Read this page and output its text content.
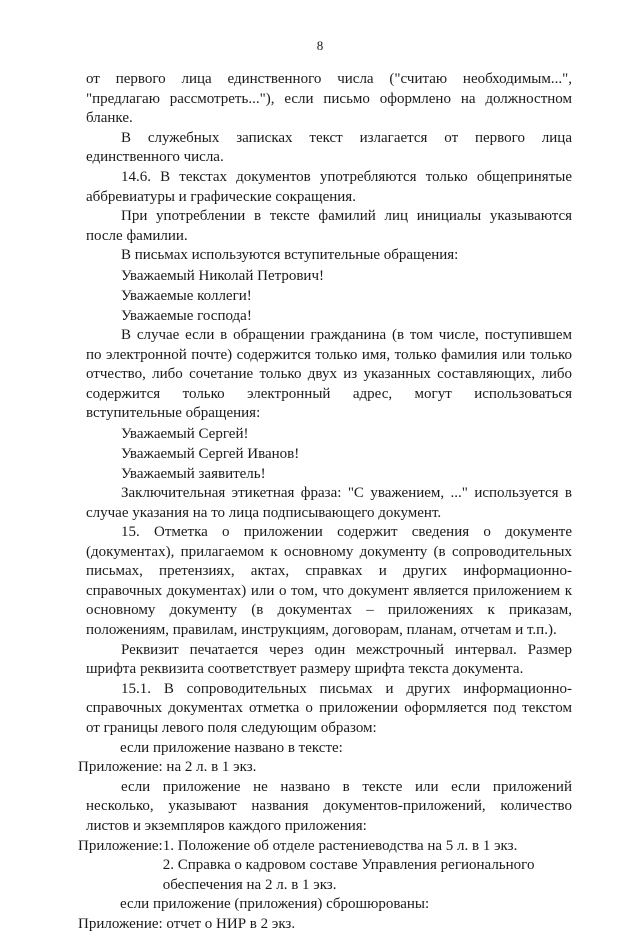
8

от первого лица единственного числа ("считаю необходимым...", "предлагаю рассмотреть..."), если письмо оформлено на должностном бланке.

В служебных записках текст излагается от первого лица единственного числа.

14.6. В текстах документов употребляются только общепринятые аббревиатуры и графические сокращения.

При употреблении в тексте фамилий лиц инициалы указываются после фамилии.

В письмах используются вступительные обращения:

Уважаемый Николай Петрович!

Уважаемые коллеги!

Уважаемые господа!

В случае если в обращении гражданина (в том числе, поступившем по электронной почте) содержится только имя, только фамилия или только отчество, либо сочетание только двух из указанных составляющих, либо содержится только электронный адрес, могут использоваться вступительные обращения:

Уважаемый Сергей!

Уважаемый Сергей Иванов!

Уважаемый заявитель!

Заключительная этикетная фраза: "С уважением, ..." используется в случае указания на то лица подписывающего документ.

15. Отметка о приложении содержит сведения о документе (документах), прилагаемом к основному документу (в сопроводительных письмах, претензиях, актах, справках и других информационно-справочных документах) или о том, что документ является приложением к основному документу (в документах – приложениях к приказам, положениям, правилам, инструкциям, договорам, планам, отчетам и т.п.).

Реквизит печатается через один межстрочный интервал. Размер шрифта реквизита соответствует размеру шрифта текста документа.

15.1. В сопроводительных письмах и других информационно-справочных документах отметка о приложении оформляется под текстом от границы левого поля следующим образом:

если приложение названо в тексте:

Приложение: на 2 л. в 1 экз.

если приложение не названо в тексте или если приложений несколько, указывают названия документов-приложений, количество листов и экземпляров каждого приложения:

Приложение: 1. Положение об отделе растениеводства на 5 л. в 1 экз.

2. Справка о кадровом составе Управления регионального обеспечения на 2 л. в 1 экз.

если приложение (приложения) сброшюрованы:

Приложение: отчет о НИР в 2 экз.
